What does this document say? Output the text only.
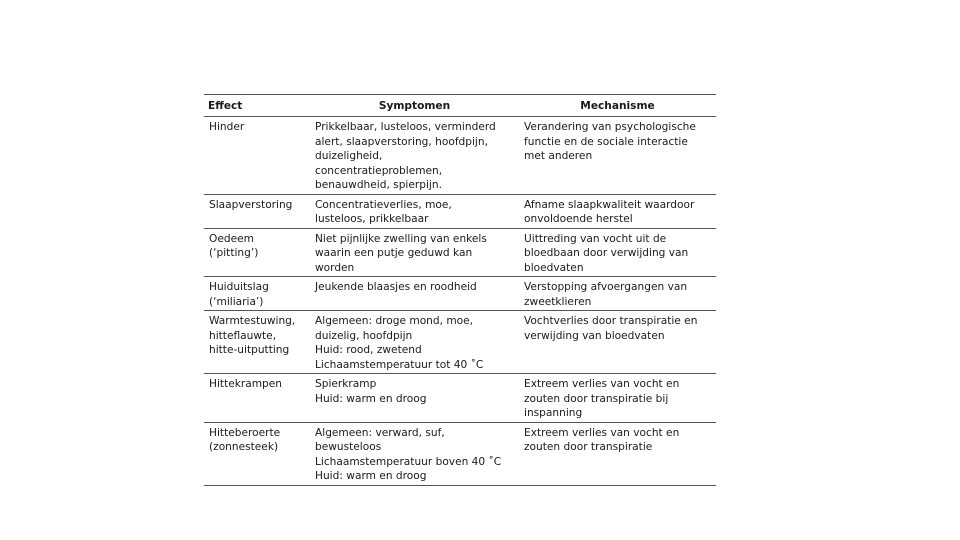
Effect	Symptomen	Mechanisme

Hinder	Prikkelbaar, lusteloos, verminderd
alert, slaapverstoring, hoofdpijn,
duizeligheid,
concentratieproblemen,
benauwdheid, spierpijn.	Verandering van psychologische
functie en de sociale interactie
met anderen

Slaapverstoring	Concentratieverlies, moe,
lusteloos, prikkelbaar	Afname slaapkwaliteit waardoor
onvoldoende herstel

Oedeem
(‘pitting’)	Niet pijnlijke zwelling van enkels
waarin een putje geduwd kan
worden	Uittreding van vocht uit de
bloedbaan door verwijding van
bloedvaten

Huiduitslag
(‘miliaria’)	Jeukende blaasjes en roodheid	Verstopping afvoergangen van
zweetklieren

Warmtestuwing,
hitteflauwte,
hitte-uitputting	Algemeen: droge mond, moe,
duizelig, hoofdpijn
Huid: rood, zwetend
Lichaamstemperatuur tot 40 ˚C	Vochtverlies door transpiratie en
verwijding van bloedvaten

Hittekrampen	Spierkramp
Huid: warm en droog	Extreem verlies van vocht en
zouten door transpiratie bij
inspanning

Hitteberoerte
(zonnesteek)	Algemeen: verward, suf,
bewusteloos
Lichaamstemperatuur boven 40 ˚C
Huid: warm en droog	Extreem verlies van vocht en
zouten door transpiratie
